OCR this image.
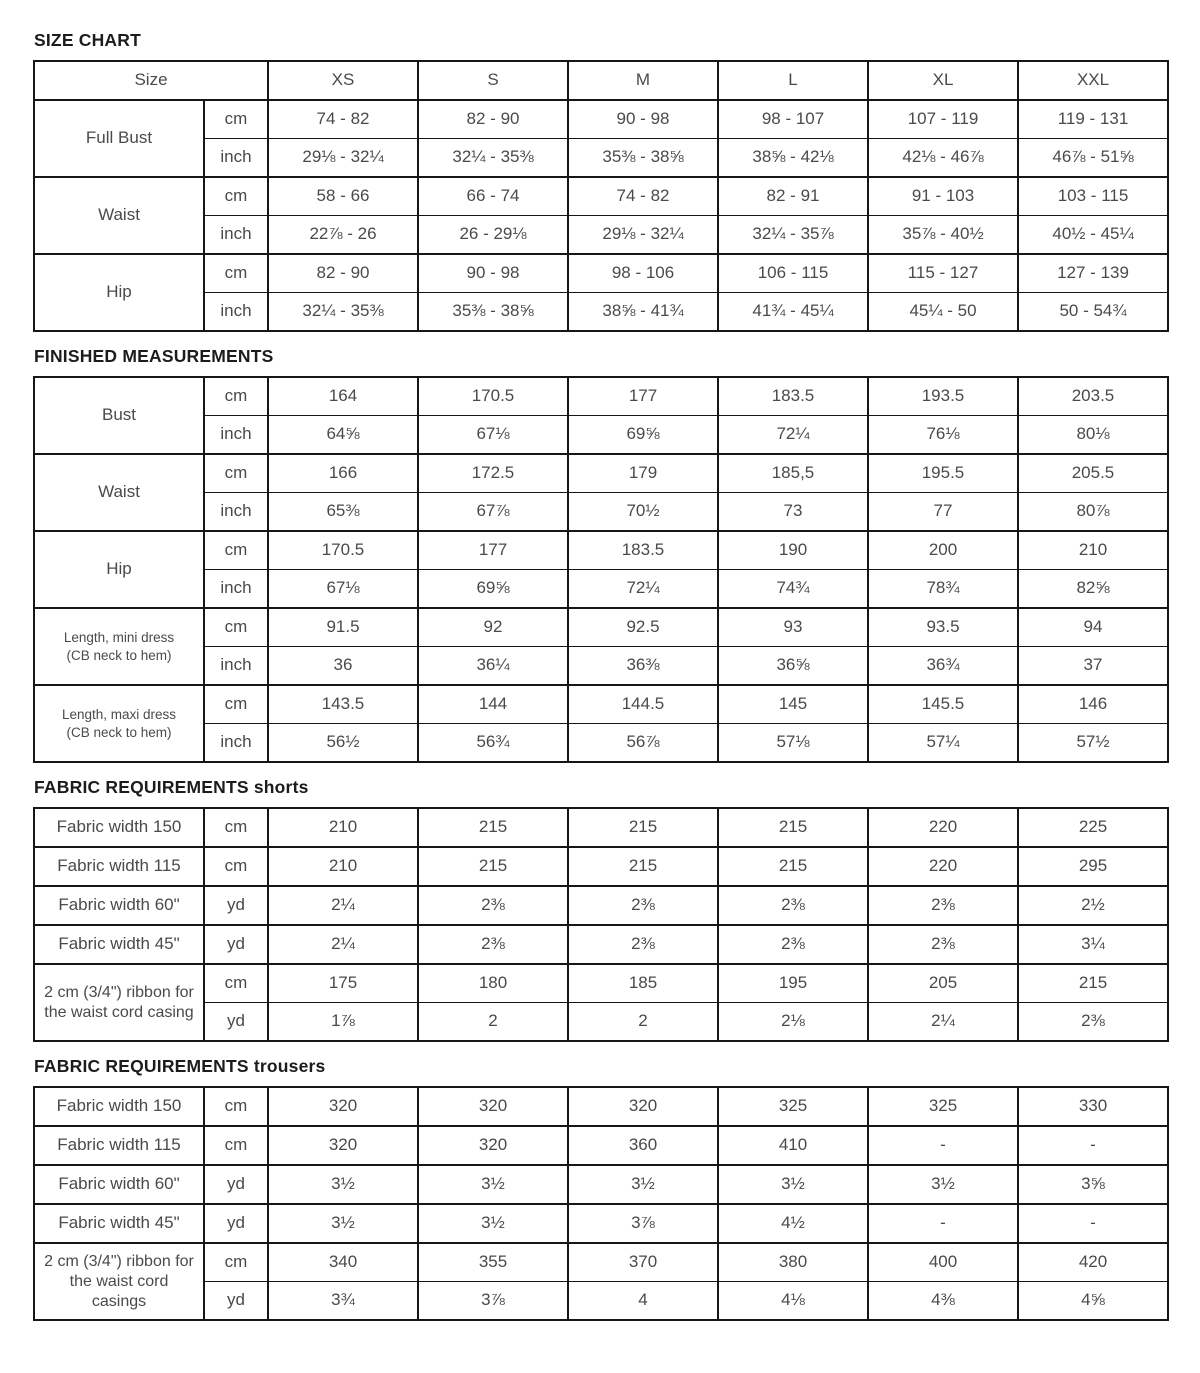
SIZE CHART
Size		XS	S	M	L	XL	XXL
Full Bust	cm	74 - 82	82 - 90	90 - 98	98 - 107	107 - 119	119 - 131
	inch	29⅛ - 32¼	32¼ - 35⅜	35⅜ - 38⅝	38⅝ - 42⅛	42⅛ - 46⅞	46⅞ - 51⅝
Waist	cm	58 - 66	66 - 74	74 - 82	82 - 91	91 - 103	103 - 115
	inch	22⅞ - 26	26 - 29⅛	29⅛ - 32¼	32¼ - 35⅞	35⅞ - 40½	40½ - 45¼
Hip	cm	82 - 90	90 - 98	98 - 106	106 - 115	115 - 127	127 - 139
	inch	32¼ - 35⅜	35⅜ - 38⅝	38⅝ - 41¾	41¾ - 45¼	45¼ - 50	50 - 54¾
FINISHED MEASUREMENTS
Bust	cm	164	170.5	177	183.5	193.5	203.5
	inch	64⅝	67⅛	69⅝	72¼	76⅛	80⅛
Waist	cm	166	172.5	179	185,5	195.5	205.5
	inch	65⅜	67⅞	70½	73	77	80⅞
Hip	cm	170.5	177	183.5	190	200	210
	inch	67⅛	69⅝	72¼	74¾	78¾	82⅝
Length, mini dress
(CB neck to hem)	cm	91.5	92	92.5	93	93.5	94
	inch	36	36¼	36⅜	36⅝	36¾	37
Length, maxi dress
(CB neck to hem)	cm	143.5	144	144.5	145	145.5	146
	inch	56½	56¾	56⅞	57⅛	57¼	57½
FABRIC REQUIREMENTS shorts
Fabric width 150	cm	210	215	215	215	220	225
Fabric width 115	cm	210	215	215	215	220	295
Fabric width 60"	yd	2¼	2⅜	2⅜	2⅜	2⅜	2½
Fabric width 45"	yd	2¼	2⅜	2⅜	2⅜	2⅜	3¼
2 cm (3/4") ribbon for the waist cord casing	cm	175	180	185	195	205	215
	yd	1⅞	2	2	2⅛	2¼	2⅜
FABRIC REQUIREMENTS trousers
Fabric width 150	cm	320	320	320	325	325	330
Fabric width 115	cm	320	320	360	410	-	-
Fabric width 60"	yd	3½	3½	3½	3½	3½	3⅝
Fabric width 45"	yd	3½	3½	3⅞	4½	-	-
2 cm (3/4") ribbon for the waist cord casings	cm	340	355	370	380	400	420
	yd	3¾	3⅞	4	4⅛	4⅜	4⅝
